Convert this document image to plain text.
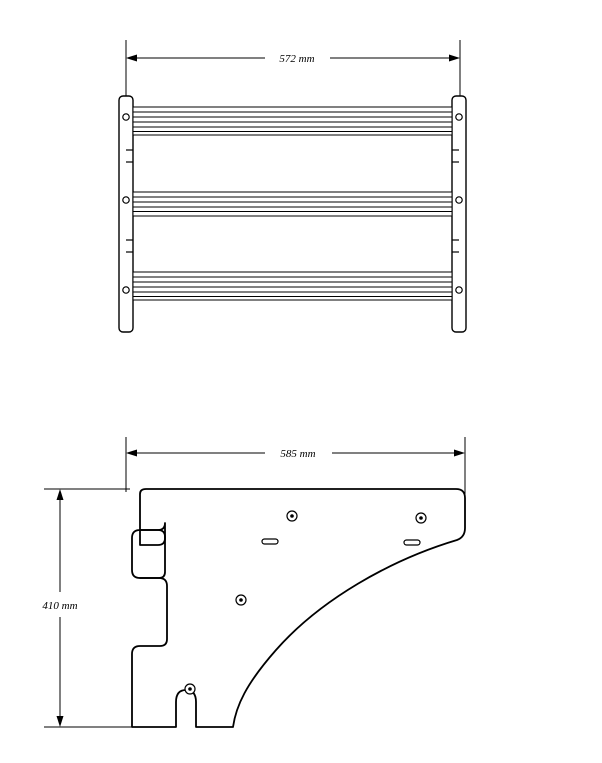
572 mm
585 mm
410 mm
